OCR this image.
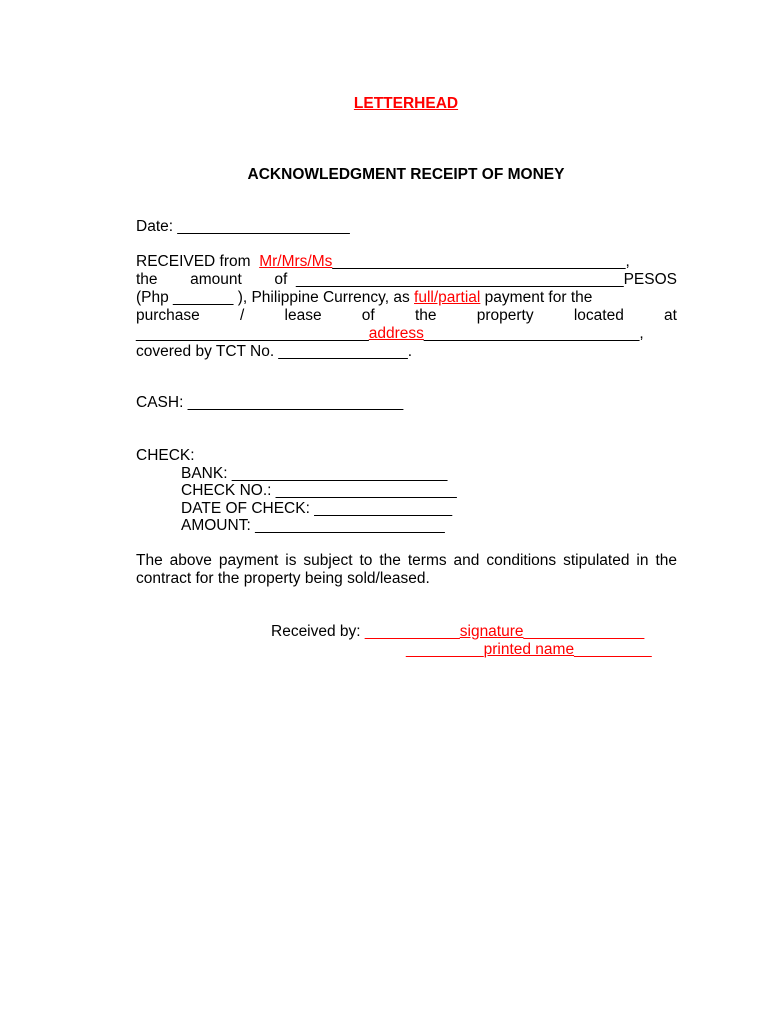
LETTERHEAD
ACKNOWLEDGMENT RECEIPT OF MONEY
Date: ____________________
RECEIVED from Mr/Mrs/Ms__________________________________,
the amount of ______________________________________PESOS
(Php _______ ), Philippine Currency, as full/partial payment for the
purchase	/	lease	of	the	property	located	at
___________________________address_________________________,
covered by TCT No. _______________.
CASH: _________________________
CHECK:
BANK: _________________________
CHECK NO.: _____________________
DATE OF CHECK: ________________
AMOUNT: ______________________
The above payment is subject to the terms and conditions stipulated in the contract for the property being sold/leased.
Received by: ___________signature______________
_________printed name_________
